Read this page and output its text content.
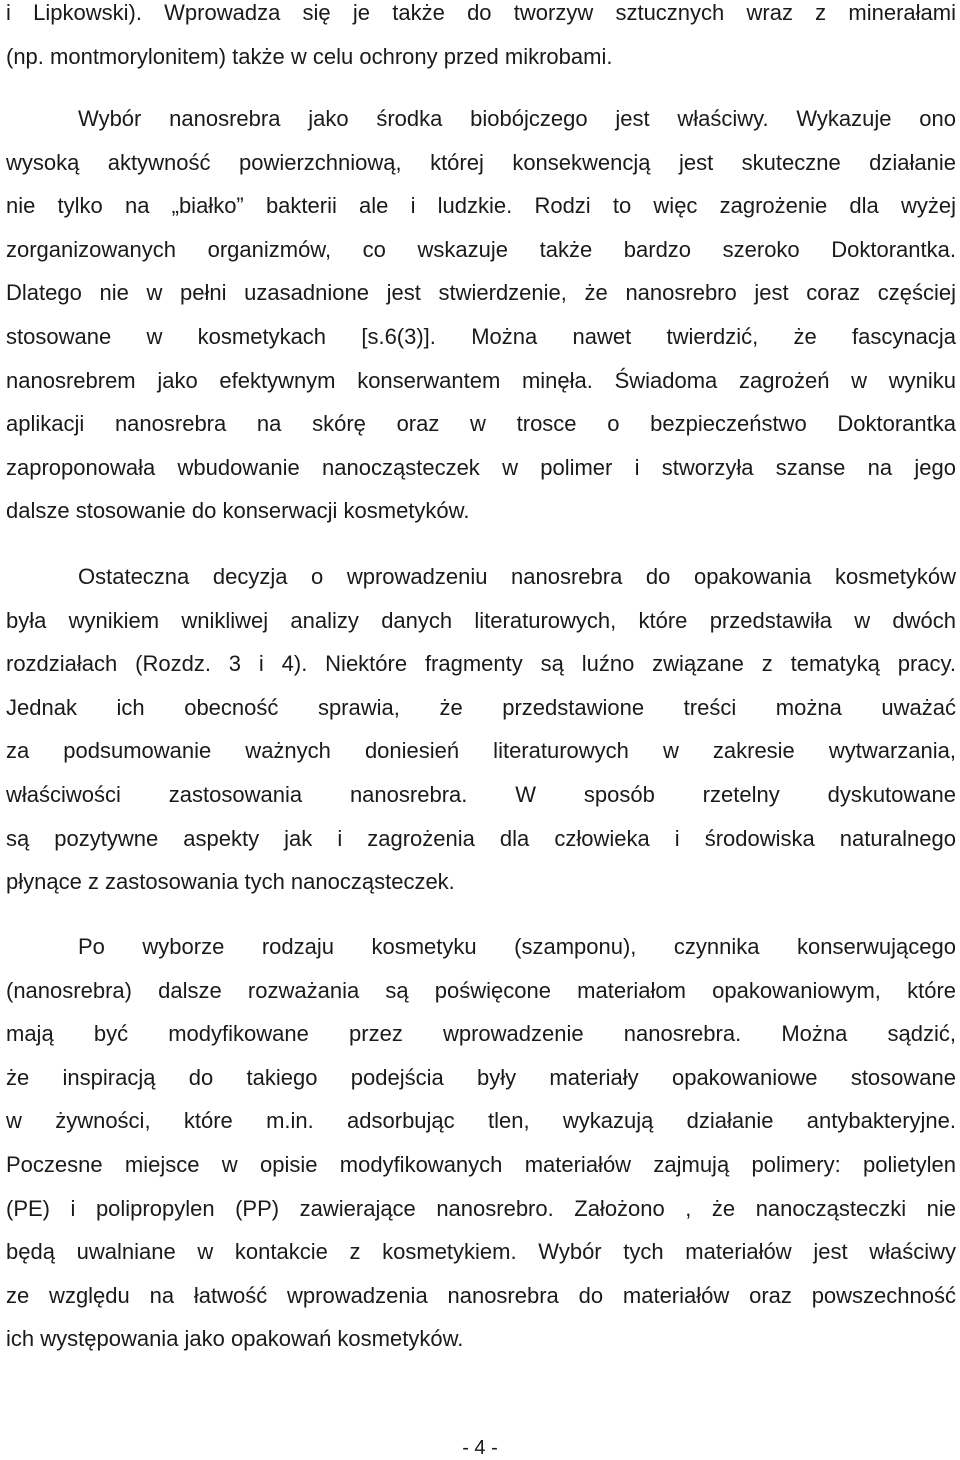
i Lipkowski). Wprowadza się je także do tworzyw sztucznych wraz z minerałami
(np. montmorylonitem) także w celu ochrony przed mikrobami.
Wybór nanosrebra jako środka biobójczego jest właściwy. Wykazuje ono
wysoką aktywność powierzchniową, której konsekwencją jest skuteczne działanie
nie tylko na „białko” bakterii ale i ludzkie. Rodzi to więc zagrożenie dla wyżej
zorganizowanych organizmów, co wskazuje także bardzo szeroko Doktorantka.
Dlatego nie w pełni uzasadnione jest stwierdzenie, że nanosrebro jest coraz częściej
stosowane w kosmetykach [s.6(3)]. Można nawet twierdzić, że fascynacja
nanosrebrem jako efektywnym konserwantem minęła. Świadoma zagrożeń w wyniku
aplikacji nanosrebra na skórę oraz w trosce o bezpieczeństwo Doktorantka
zaproponowała wbudowanie nanocząsteczek w polimer i stworzyła szanse na jego
dalsze stosowanie do konserwacji kosmetyków.
Ostateczna decyzja o wprowadzeniu nanosrebra do opakowania kosmetyków
była wynikiem wnikliwej analizy danych literaturowych, które przedstawiła w dwóch
rozdziałach (Rozdz. 3 i 4). Niektóre fragmenty są luźno związane z tematyką pracy.
Jednak ich obecność sprawia, że przedstawione treści można uważać
za podsumowanie ważnych doniesień literaturowych w zakresie wytwarzania,
właściwości zastosowania nanosrebra. W sposób rzetelny dyskutowane
są pozytywne aspekty jak i zagrożenia dla człowieka i środowiska naturalnego
płynące z zastosowania tych nanocząsteczek.
Po wyborze rodzaju kosmetyku (szamponu), czynnika konserwującego
(nanosrebra) dalsze rozważania są poświęcone materiałom opakowaniowym, które
mają być modyfikowane przez wprowadzenie nanosrebra. Można sądzić,
że inspiracją do takiego podejścia były materiały opakowaniowe stosowane
w żywności, które m.in. adsorbując tlen, wykazują działanie antybakteryjne.
Poczesne miejsce w opisie modyfikowanych materiałów zajmują polimery: polietylen
(PE) i polipropylen (PP) zawierające nanosrebro. Założono , że nanocząsteczki nie
będą uwalniane w kontakcie z kosmetykiem. Wybór tych materiałów jest właściwy
ze względu na łatwość wprowadzenia nanosrebra do materiałów oraz powszechność
ich występowania jako opakowań kosmetyków.
- 4 -
